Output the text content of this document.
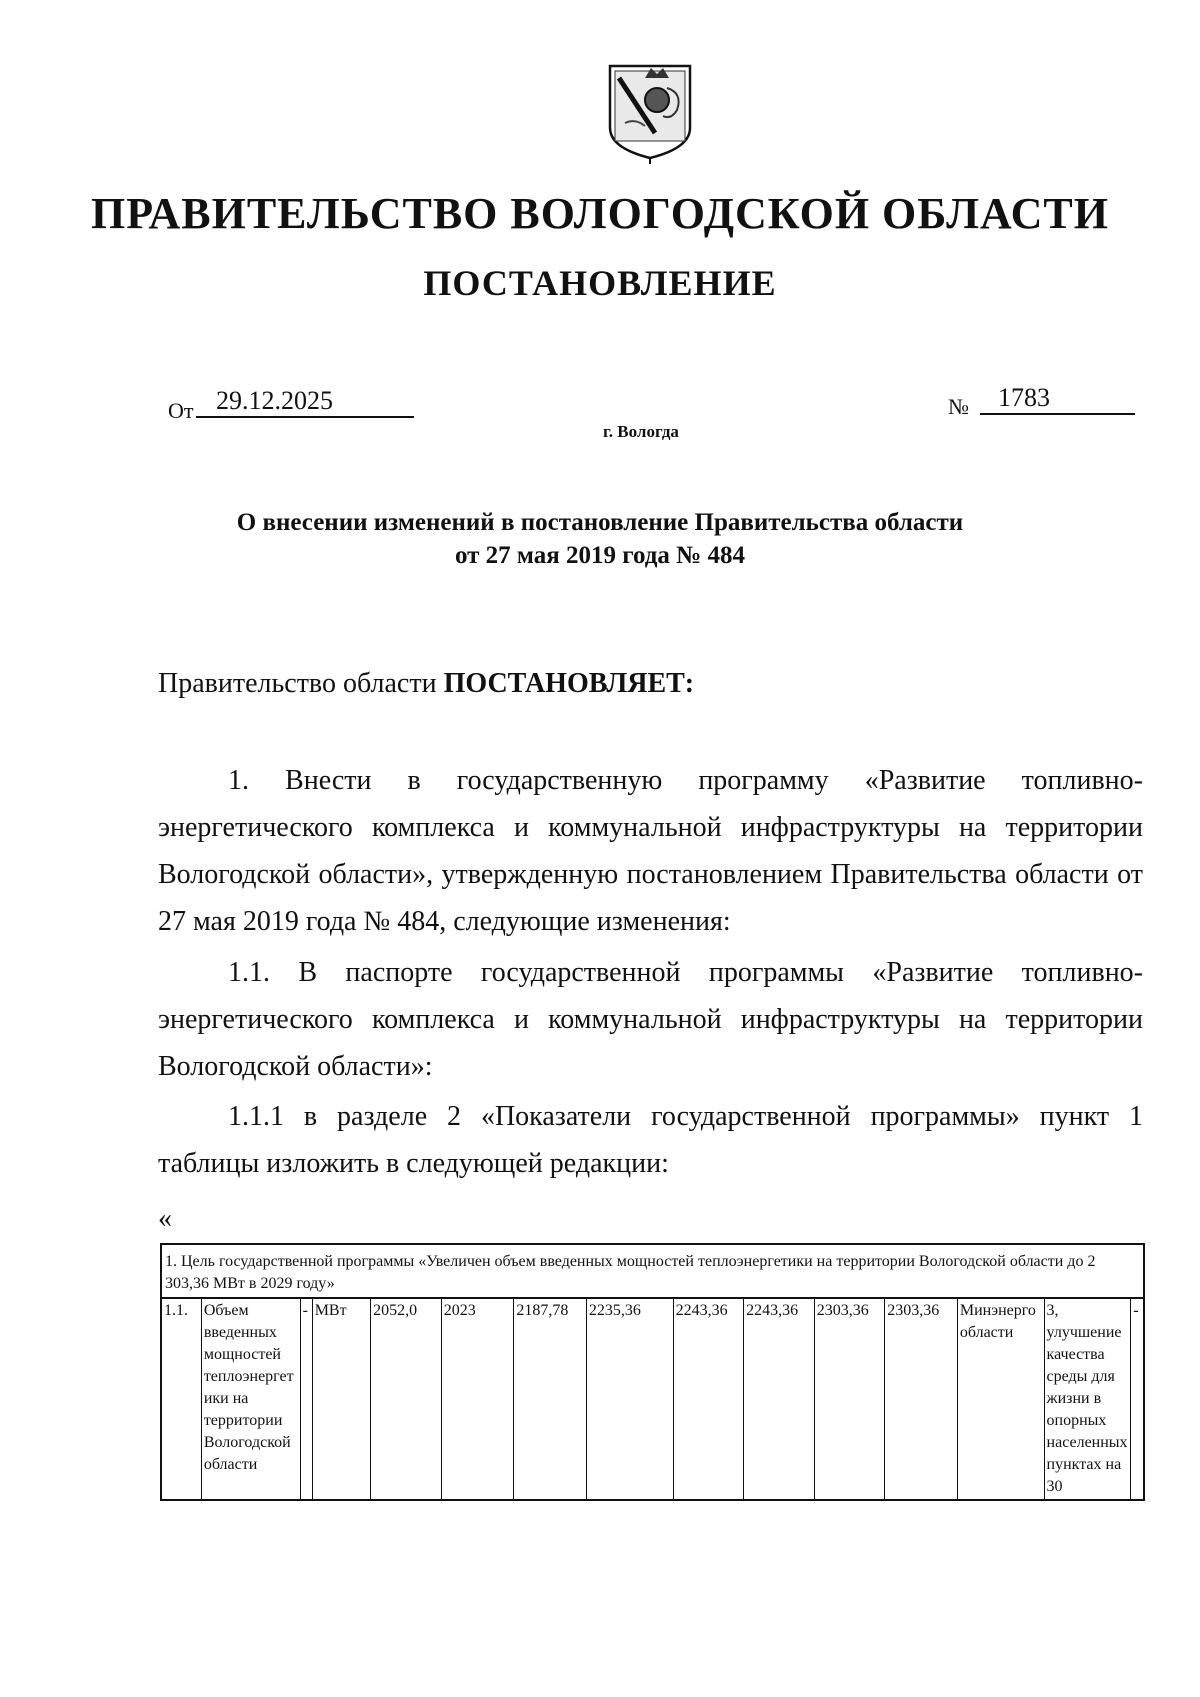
ПРАВИТЕЛЬСТВО ВОЛОГОДСКОЙ ОБЛАСТИ
ПОСТАНОВЛЕНИЕ
От 29.12.2025	№	1783
г. Вологда
О внесении изменений в постановление Правительства области
от 27 мая 2019 года № 484
Правительство области ПОСТАНОВЛЯЕТ:
1. Внести в государственную программу «Развитие топливно-энергетического комплекса и коммунальной инфраструктуры на территории Вологодской области», утвержденную постановлением Правительства области от 27 мая 2019 года № 484, следующие изменения:
1.1. В паспорте государственной программы «Развитие топливно-энергетического комплекса и коммунальной инфраструктуры на территории Вологодской области»:
1.1.1 в разделе 2 «Показатели государственной программы» пункт 1 таблицы изложить в следующей редакции:
«
1. Цель государственной программы «Увеличен объем введенных мощностей теплоэнергетики на территории Вологодской области до 2 303,36 МВт в 2029 году»
1.1.	Объем введенных мощностей теплоэнергетики на территории Вологодской области	-	МВт	2052,0	2023	2187,78	2235,36	2243,36	2243,36	2303,36	2303,36	Минэнерго области	3, улучшение качества среды для жизни в опорных населенных пунктах на 30	-
